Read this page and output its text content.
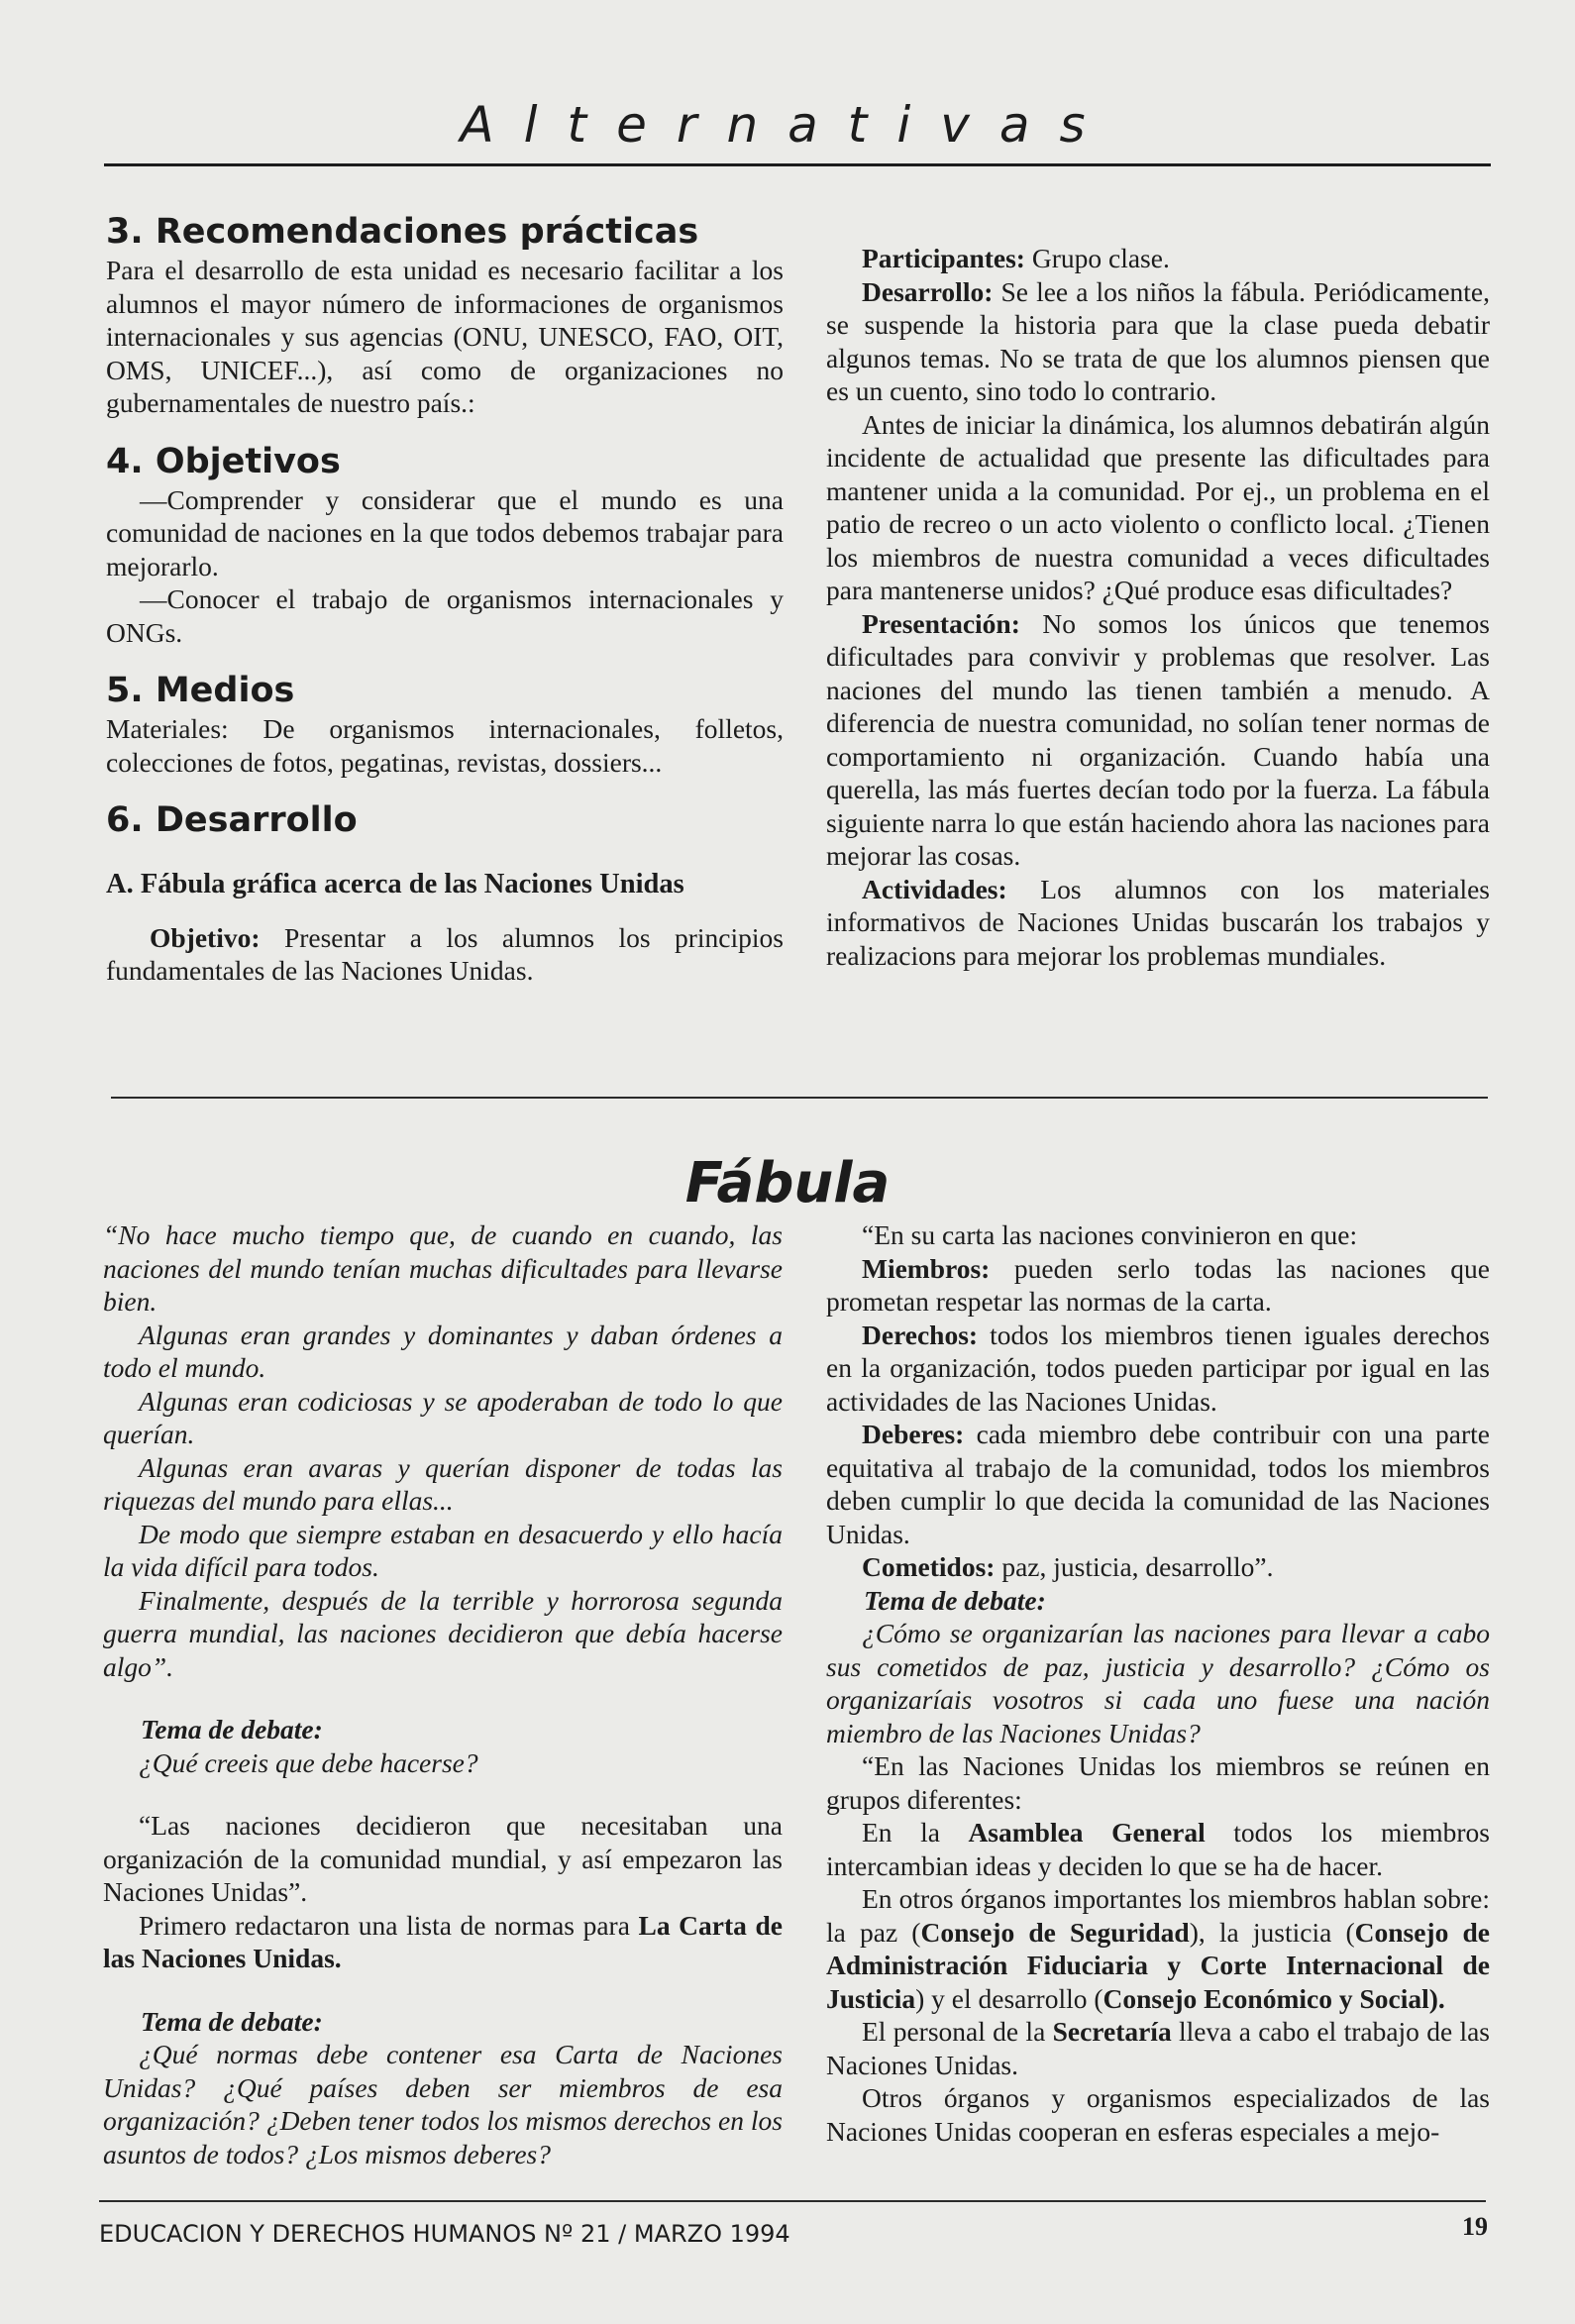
Alternativas
3. Recomendaciones prácticas

Para el desarrollo de esta unidad es necesario facilitar a los alumnos el mayor número de informaciones de organismos internacionales y sus agencias (ONU, UNESCO, FAO, OIT, OMS, UNICEF...), así como de organizaciones no gubernamentales de nuestro país.:

4. Objetivos

—Comprender y considerar que el mundo es una comunidad de naciones en la que todos debemos trabajar para mejorarlo.

—Conocer el trabajo de organismos internacionales y ONGs.

5. Medios

Materiales: De organismos internacionales, folletos, colecciones de fotos, pegatinas, revistas, dossiers...

6. Desarrollo

A. Fábula gráfica acerca de las Naciones Unidas

Objetivo: Presentar a los alumnos los principios fundamentales de las Naciones Unidas.

Participantes: Grupo clase.

Desarrollo: Se lee a los niños la fábula. Periódicamente, se suspende la historia para que la clase pueda debatir algunos temas. No se trata de que los alumnos piensen que es un cuento, sino todo lo contrario.

Antes de iniciar la dinámica, los alumnos debatirán algún incidente de actualidad que presente las dificultades para mantener unida a la comunidad. Por ej., un problema en el patio de recreo o un acto violento o conflicto local. ¿Tienen los miembros de nuestra comunidad a veces dificultades para mantenerse unidos? ¿Qué produce esas dificultades?

Presentación: No somos los únicos que tenemos dificultades para convivir y problemas que resolver. Las naciones del mundo las tienen también a menudo. A diferencia de nuestra comunidad, no solían tener normas de comportamiento ni organización. Cuando había una querella, las más fuertes decían todo por la fuerza. La fábula siguiente narra lo que están haciendo ahora las naciones para mejorar las cosas.

Actividades: Los alumnos con los materiales informativos de Naciones Unidas buscarán los trabajos y realizacions para mejorar los problemas mundiales.

Fábula

“No hace mucho tiempo que, de cuando en cuando, las naciones del mundo tenían muchas dificultades para llevarse bien.

Algunas eran grandes y dominantes y daban órdenes a todo el mundo.

Algunas eran codiciosas y se apoderaban de todo lo que querían.

Algunas eran avaras y querían disponer de todas las riquezas del mundo para ellas...

De modo que siempre estaban en desacuerdo y ello hacía la vida difícil para todos.

Finalmente, después de la terrible y horrorosa segunda guerra mundial, las naciones decidieron que debía hacerse algo”.

Tema de debate:

¿Qué creeis que debe hacerse?

“Las naciones decidieron que necesitaban una organización de la comunidad mundial, y así empezaron las Naciones Unidas”.

Primero redactaron una lista de normas para La Carta de las Naciones Unidas.

Tema de debate:

¿Qué normas debe contener esa Carta de Naciones Unidas? ¿Qué países deben ser miembros de esa organización? ¿Deben tener todos los mismos derechos en los asuntos de todos? ¿Los mismos deberes?

“En su carta las naciones convinieron en que:

Miembros: pueden serlo todas las naciones que prometan respetar las normas de la carta.

Derechos: todos los miembros tienen iguales derechos en la organización, todos pueden participar por igual en las actividades de las Naciones Unidas.

Deberes: cada miembro debe contribuir con una parte equitativa al trabajo de la comunidad, todos los miembros deben cumplir lo que decida la comunidad de las Naciones Unidas.

Cometidos: paz, justicia, desarrollo”.

Tema de debate:

¿Cómo se organizarían las naciones para llevar a cabo sus cometidos de paz, justicia y desarrollo? ¿Cómo os organizaríais vosotros si cada uno fuese una nación miembro de las Naciones Unidas?

“En las Naciones Unidas los miembros se reúnen en grupos diferentes:

En la Asamblea General todos los miembros intercambian ideas y deciden lo que se ha de hacer.

En otros órganos importantes los miembros hablan sobre: la paz (Consejo de Seguridad), la justicia (Consejo de Administración Fiduciaria y Corte Internacional de Justicia) y el desarrollo (Consejo Económico y Social).

El personal de la Secretaría lleva a cabo el trabajo de las Naciones Unidas.

Otros órganos y organismos especializados de las Naciones Unidas cooperan en esferas especiales a mejo-

EDUCACION Y DERECHOS HUMANOS Nº 21 / MARZO 1994	19
